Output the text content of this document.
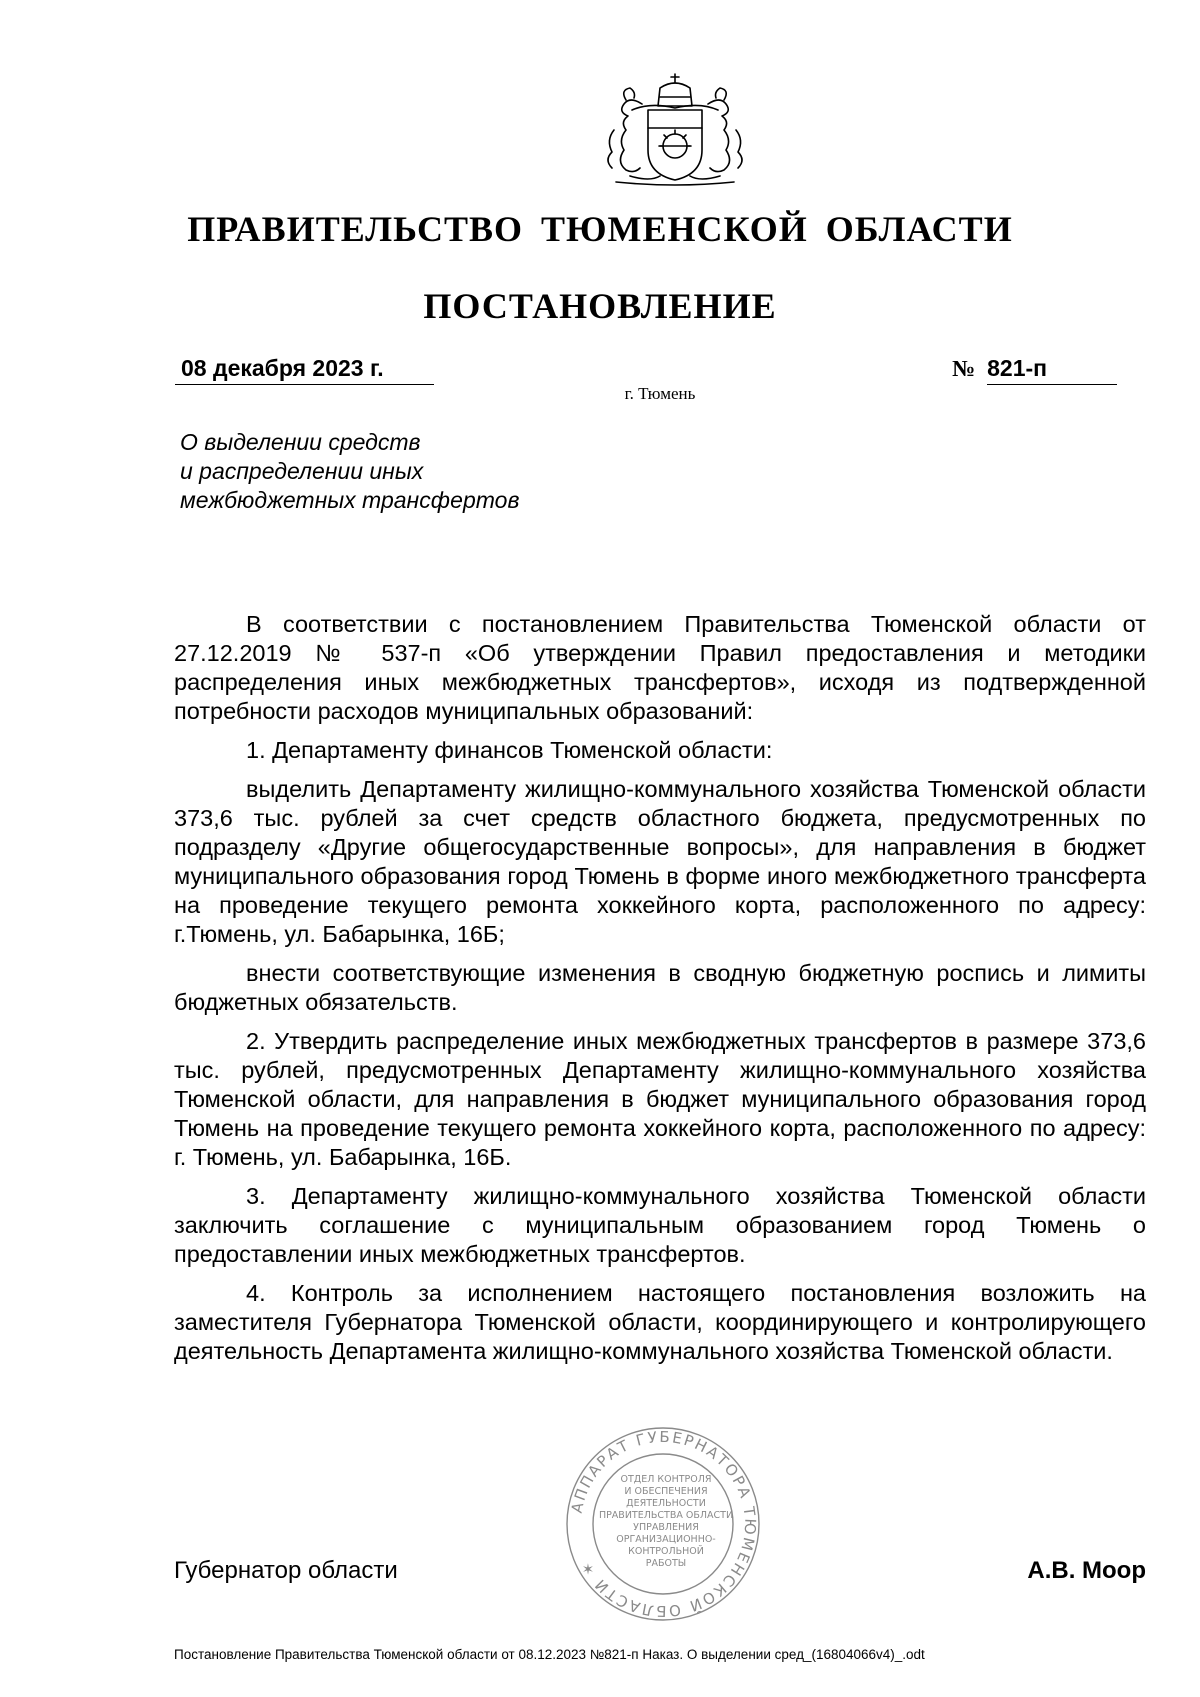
ПРАВИТЕЛЬСТВО ТЮМЕНСКОЙ ОБЛАСТИ
ПОСТАНОВЛЕНИЕ
08 декабря 2023 г.	№ 821-п
г. Тюмень
О выделении средств
и распределении иных
межбюджетных трансфертов

В соответствии с постановлением Правительства Тюменской области от 27.12.2019 № 537-п «Об утверждении Правил предоставления и методики распределения иных межбюджетных трансфертов», исходя из подтвержденной потребности расходов муниципальных образований:

1. Департаменту финансов Тюменской области:

выделить Департаменту жилищно-коммунального хозяйства Тюменской области 373,6 тыс. рублей за счет средств областного бюджета, предусмотренных по подразделу «Другие общегосударственные вопросы», для направления в бюджет муниципального образования город Тюмень в форме иного межбюджетного трансферта на проведение текущего ремонта хоккейного корта, расположенного по адресу: г.Тюмень, ул. Бабарынка, 16Б;

внести соответствующие изменения в сводную бюджетную роспись и лимиты бюджетных обязательств.

2. Утвердить распределение иных межбюджетных трансфертов в размере 373,6 тыс. рублей, предусмотренных Департаменту жилищно-коммунального хозяйства Тюменской области, для направления в бюджет муниципального образования город Тюмень на проведение текущего ремонта хоккейного корта, расположенного по адресу: г. Тюмень, ул. Бабарынка, 16Б.

3. Департаменту жилищно-коммунального хозяйства Тюменской области заключить соглашение с муниципальным образованием город Тюмень о предоставлении иных межбюджетных трансфертов.

4. Контроль за исполнением настоящего постановления возложить на заместителя Губернатора Тюменской области, координирующего и контролирующего деятельность Департамента жилищно-коммунального хозяйства Тюменской области.

АППАРАТ ГУБЕРНАТОРА ТЮМЕНСКОЙ ОБЛАСТИ ✶
ОТДЕЛ КОНТРОЛЯ
И ОБЕСПЕЧЕНИЯ
ДЕЯТЕЛЬНОСТИ
ПРАВИТЕЛЬСТВА ОБЛАСТИ
УПРАВЛЕНИЯ
ОРГАНИЗАЦИОННО-
КОНТРОЛЬНОЙ
РАБОТЫ
Губернатор области	А.В. Моор
Постановление Правительства Тюменской области от 08.12.2023 №821-п Наказ. О выделении сред_(16804066v4)_.odt
